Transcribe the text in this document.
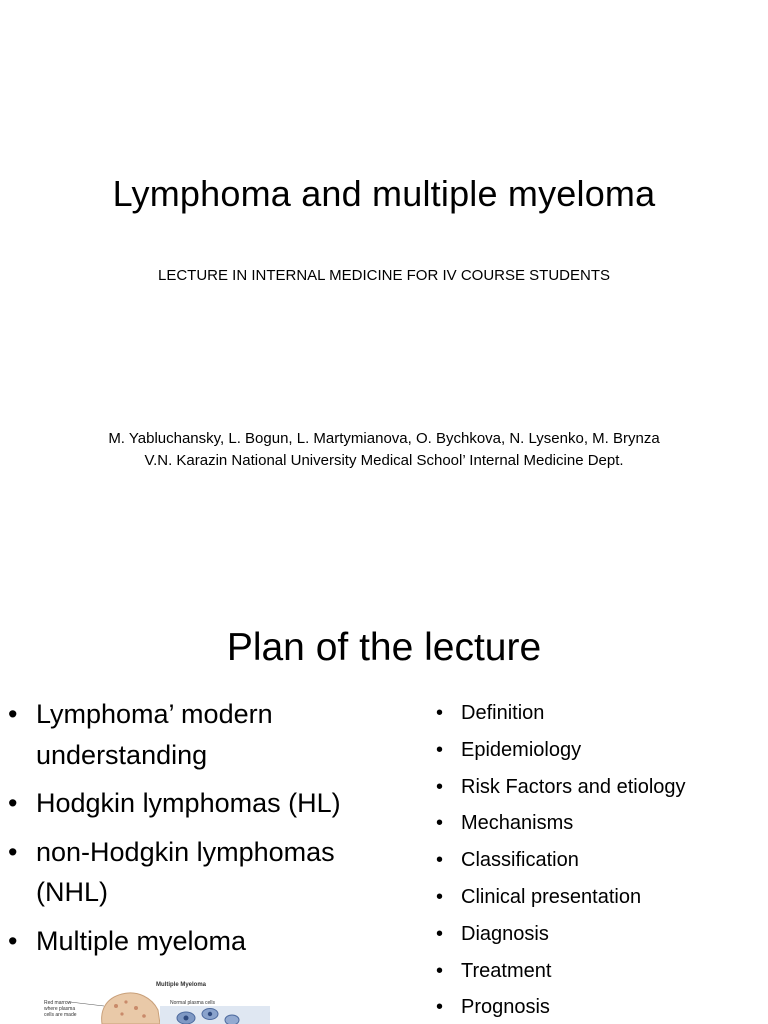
Lymphoma and multiple myeloma
LECTURE IN INTERNAL MEDICINE FOR IV COURSE STUDENTS
M. Yabluchansky, L. Bogun, L. Martymianova, O. Bychkova, N. Lysenko, M. Brynza
V.N. Karazin National University Medical School’ Internal Medicine Dept.
Plan of the lecture
• Lymphoma’ modern understanding
• Hodgkin lymphomas (HL)
• non-Hodgkin lymphomas (NHL)
• Multiple myeloma
• Definition
• Epidemiology
• Risk Factors and etiology
• Mechanisms
• Classification
• Clinical presentation
• Diagnosis
• Treatment
• Prognosis
Multiple Myeloma
Red marrow where plasma cells are made
Normal plasma cells
